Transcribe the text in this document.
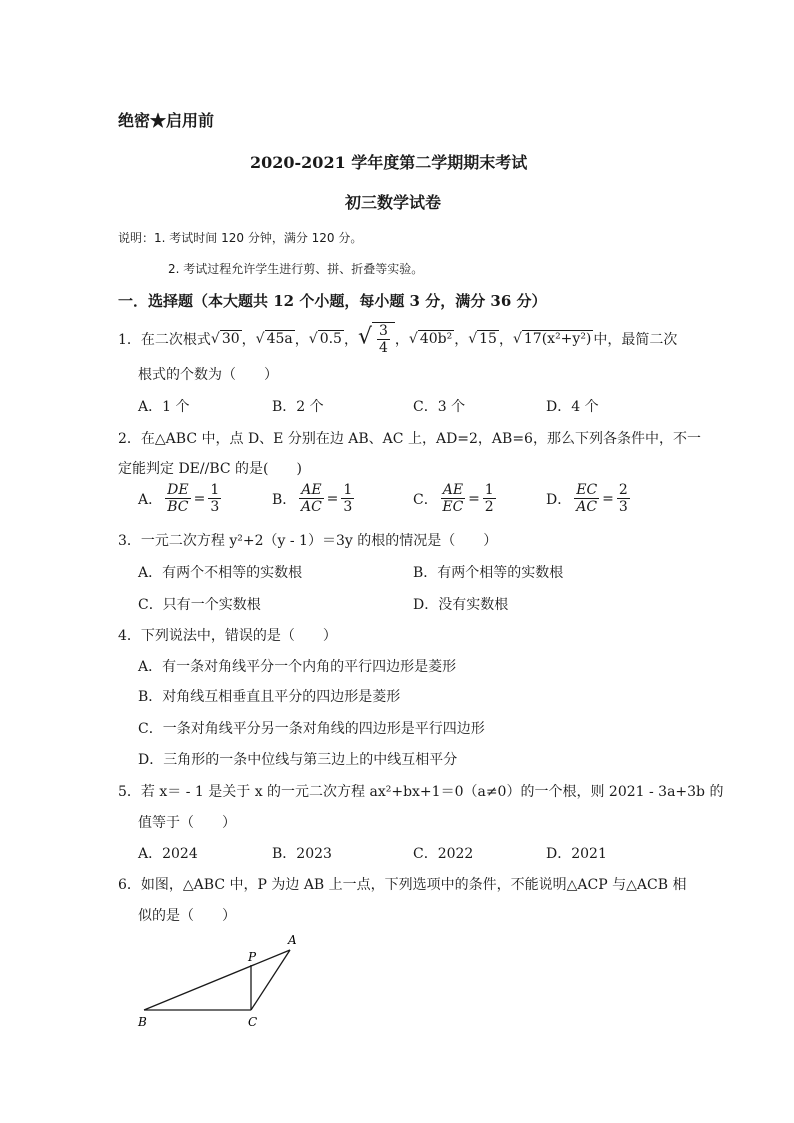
绝密★启用前
2020-2021 学年度第二学期期末考试
初三数学试卷
说明：1. 考试时间 120 分钟，满分 120 分。
2. 考试过程允许学生进行剪、拼、折叠等实验。
一．选择题（本大题共 12 个小题，每小题 3 分，满分 36 分）
1． 在二次根式 √ 30 ， √ 45a ， √ 0.5 ， √ $\frac{3}{4}$ ， √ 40b² ， √ 15 ， √ 17(x²+y²) 中，最简二次
根式的个数为（　　）
A．1 个	B．2 个	C．3 个	D．4 个
2．在△ABC 中，点 D、E 分别在边 AB、AC 上，AD=2，AB=6，那么下列各条件中，不一
定能判定 DE//BC 的是(　　)
A． $\frac{DE}{BC} = \frac{1}{3}$	B． $\frac{AE}{AC} = \frac{1}{3}$	C． $\frac{AE}{EC} = \frac{1}{2}$	D． $\frac{EC}{AC} = \frac{2}{3}$
3．一元二次方程 y²+2（y - 1）＝3y 的根的情况是（　　）
A．有两个不相等的实数根	B．有两个相等的实数根
C．只有一个实数根	D．没有实数根
4．下列说法中，错误的是（　　）
A．有一条对角线平分一个内角的平行四边形是菱形
B．对角线互相垂直且平分的四边形是菱形
C．一条对角线平分另一条对角线的四边形是平行四边形
D．三角形的一条中位线与第三边上的中线互相平分
5．若 x＝ - 1 是关于 x 的一元二次方程 ax²+bx+1＝0（a≠0）的一个根，则 2021 - 3a+3b 的
值等于（　　）
A．2024	B．2023	C．2022	D．2021
6．如图，△ABC 中，P 为边 AB 上一点，下列选项中的条件，不能说明△ACP 与△ACB 相
似的是（　　）
A
B	C
P
